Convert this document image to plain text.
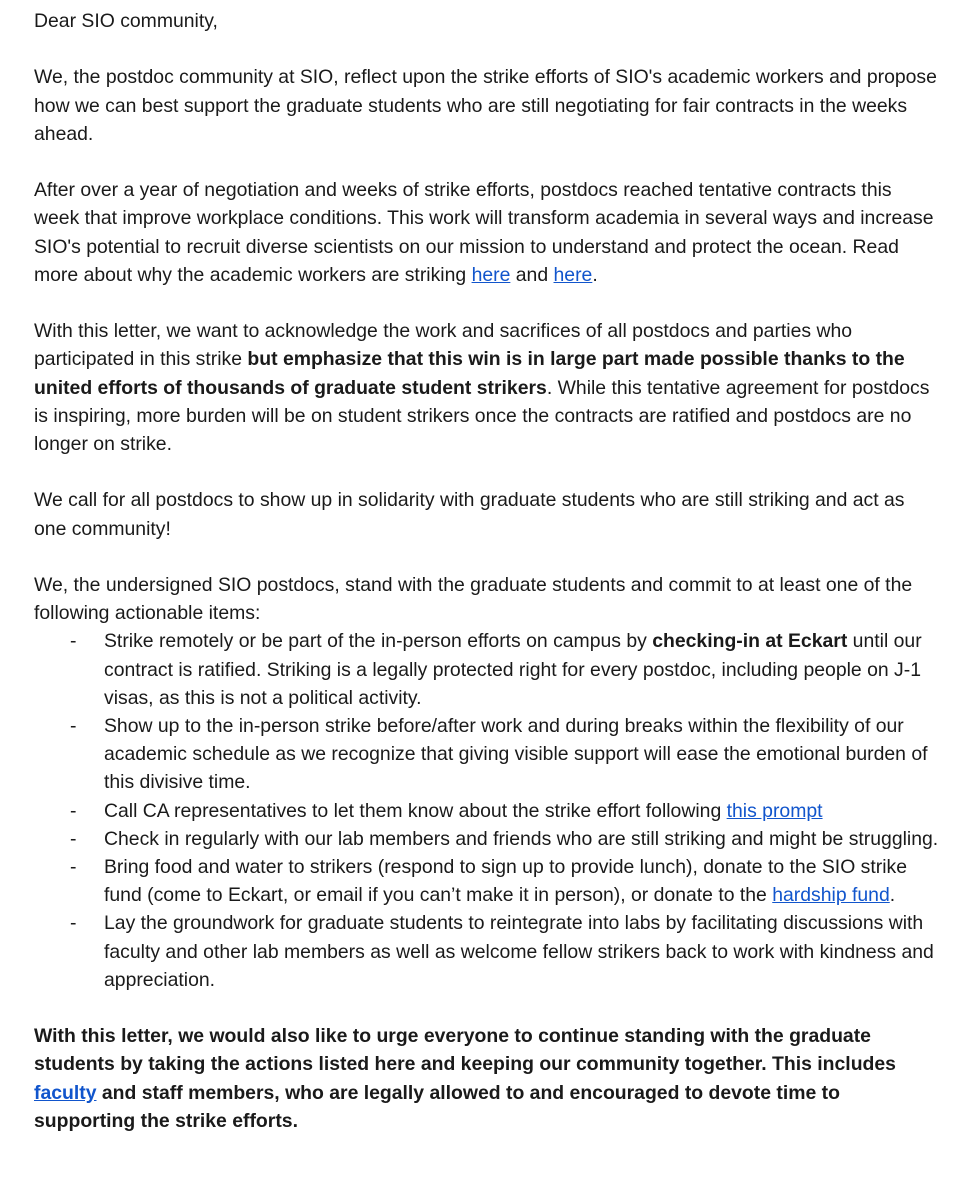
Dear SIO community,

We, the postdoc community at SIO, reflect upon the strike efforts of SIO's academic workers and propose how we can best support the graduate students who are still negotiating for fair contracts in the weeks ahead.

After over a year of negotiation and weeks of strike efforts, postdocs reached tentative contracts this week that improve workplace conditions. This work will transform academia in several ways and increase SIO's potential to recruit diverse scientists on our mission to understand and protect the ocean. Read more about why the academic workers are striking here and here.

With this letter, we want to acknowledge the work and sacrifices of all postdocs and parties who participated in this strike but emphasize that this win is in large part made possible thanks to the united efforts of thousands of graduate student strikers. While this tentative agreement for postdocs is inspiring, more burden will be on student strikers once the contracts are ratified and postdocs are no longer on strike.

We call for all postdocs to show up in solidarity with graduate students who are still striking and act as one community!

We, the undersigned SIO postdocs, stand with the graduate students and commit to at least one of the following actionable items:

- Strike remotely or be part of the in-person efforts on campus by checking-in at Eckart until our contract is ratified. Striking is a legally protected right for every postdoc, including people on J-1 visas, as this is not a political activity.
- Show up to the in-person strike before/after work and during breaks within the flexibility of our academic schedule as we recognize that giving visible support will ease the emotional burden of this divisive time.
- Call CA representatives to let them know about the strike effort following this prompt
- Check in regularly with our lab members and friends who are still striking and might be struggling.
- Bring food and water to strikers (respond to sign up to provide lunch), donate to the SIO strike fund (come to Eckart, or email if you can’t make it in person), or donate to the hardship fund.
- Lay the groundwork for graduate students to reintegrate into labs by facilitating discussions with faculty and other lab members as well as welcome fellow strikers back to work with kindness and appreciation.

With this letter, we would also like to urge everyone to continue standing with the graduate students by taking the actions listed here and keeping our community together. This includes faculty and staff members, who are legally allowed to and encouraged to devote time to supporting the strike efforts.
